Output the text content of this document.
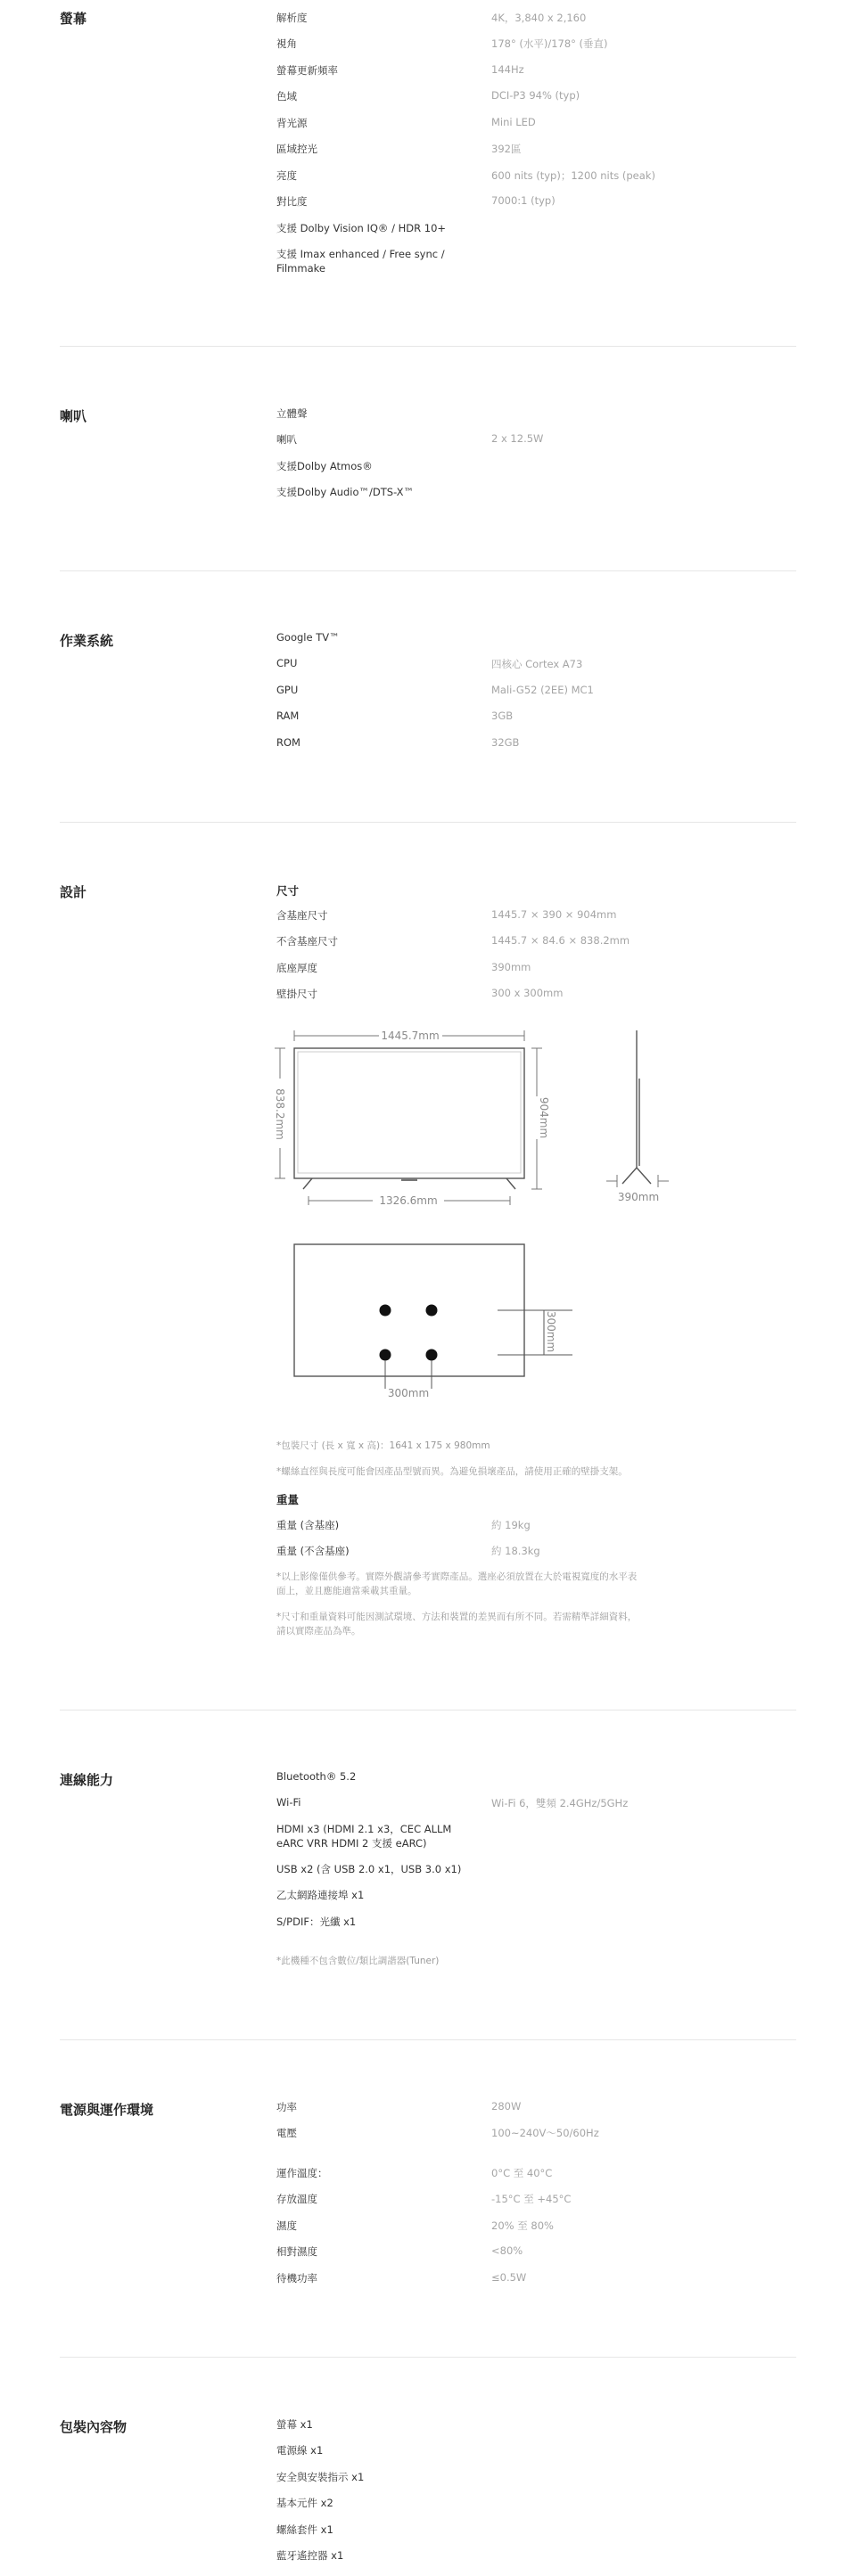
螢幕	解析度	4K，3,840 x 2,160
視角	178° (水平)/178° (垂直)
螢幕更新頻率	144Hz
色域	DCI-P3 94% (typ)
背光源	Mini LED
區域控光	392區
亮度	600 nits (typ)；1200 nits (peak)
對比度	7000:1 (typ)
支援 Dolby Vision IQ® / HDR 10+
支援 Imax enhanced / Free sync /
Filmmake
喇叭	立體聲
喇叭	2 x 12.5W
支援Dolby Atmos®
支援Dolby Audio™/DTS-X™
作業系統	Google TV™
CPU	四核心 Cortex A73
GPU	Mali-G52 (2EE) MC1
RAM	3GB
ROM	32GB
設計	尺寸
含基座尺寸	1445.7 × 390 × 904mm
不含基座尺寸	1445.7 × 84.6 × 838.2mm
底座厚度	390mm
壁掛尺寸	300 x 300mm
1445.7mm
838.2mm	904mm
1326.6mm	390mm
300mm
300mm
*包裝尺寸 (長 x 寬 x 高)：1641 x 175 x 980mm
*螺絲直徑與長度可能會因產品型號而異。為避免損壞產品，請使用正確的壁掛支架。
重量
重量 (含基座)	約 19kg
重量 (不含基座)	約 18.3kg
*以上影像僅供參考。實際外觀請參考實際產品。選座必須放置在大於電視寬度的水平表
面上，並且應能適當乘載其重量。
*尺寸和重量資料可能因測試環境、方法和裝置的差異而有所不同。若需精準詳細資料，
請以實際產品為準。
連線能力	Bluetooth® 5.2
Wi-Fi	Wi-Fi 6，雙頻 2.4GHz/5GHz
HDMI x3 (HDMI 2.1 x3，CEC ALLM
eARC VRR HDMI 2 支援 eARC)
USB x2 (含 USB 2.0 x1，USB 3.0 x1)
乙太網路連接埠 x1
S/PDIF：光纖 x1
*此機種不包含數位/類比調諧器(Tuner)
電源與運作環境	功率	280W
電壓	100~240V～50/60Hz
運作溫度：	0°C 至 40°C
存放溫度	-15°C 至 +45°C
濕度	20% 至 80%
相對濕度	<80%
待機功率	≤0.5W
包裝內容物	螢幕 x1
電源線 x1
安全與安裝指示 x1
基本元件 x2
螺絲套件 x1
藍牙遙控器 x1
